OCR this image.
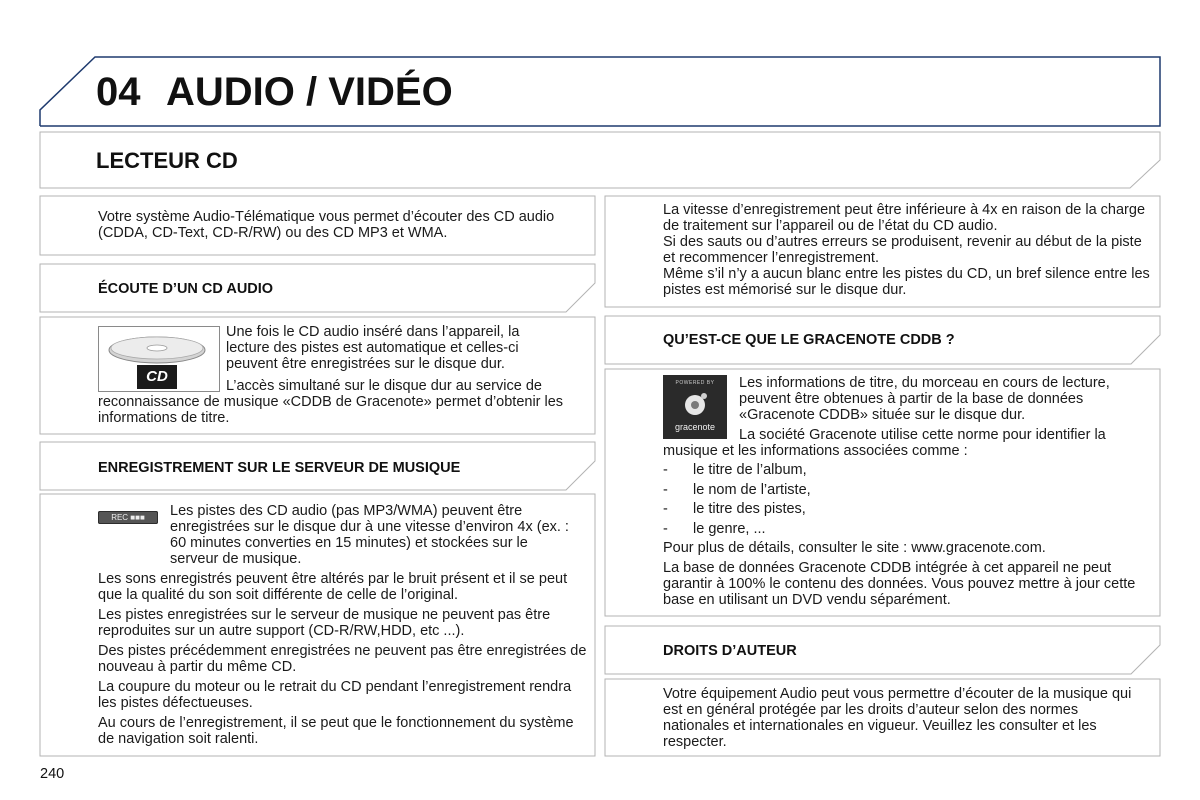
04 AUDIO / VIDÉO
LECTEUR CD
Votre système Audio-Télématique vous permet d’écouter des CD audio (CDDA, CD-Text, CD-R/RW) ou des CD MP3 et WMA.
ÉCOUTE D’UN CD AUDIO
CD
Une fois le CD audio inséré dans l’appareil, la lecture des pistes est automatique et celles-ci peuvent être enregistrées sur le disque dur.
L’accès simultané sur le disque dur au service de reconnaissance de musique «CDDB de Gracenote» permet d’obtenir les informations de titre.
ENREGISTREMENT SUR LE SERVEUR DE MUSIQUE
REC ■■■	Les pistes des CD audio (pas MP3/WMA) peuvent être enregistrées sur le disque dur à une vitesse d’environ 4x (ex. : 60 minutes converties en 15 minutes) et stockées sur le serveur de musique.

Les sons enregistrés peuvent être altérés par le bruit présent et il se peut que la qualité du son soit différente de celle de l’original.

Les pistes enregistrées sur le serveur de musique ne peuvent pas être reproduites sur un autre support (CD-R/RW,HDD, etc ...).

Des pistes précédemment enregistrées ne peuvent pas être enregistrées de nouveau à partir du même CD.

La coupure du moteur ou le retrait du CD pendant l’enregistrement rendra les pistes défectueuses.

Au cours de l’enregistrement, il se peut que le fonctionnement du système de navigation soit ralenti.

La vitesse d’enregistrement peut être inférieure à 4x en raison de la charge de traitement sur l’appareil ou de l’état du CD audio.
Si des sauts ou d’autres erreurs se produisent, revenir au début de la piste et recommencer l’enregistrement.
Même s’il n’y a aucun blanc entre les pistes du CD, un bref silence entre les pistes est mémorisé sur le disque dur.
QU’EST-CE QUE LE GRACENOTE CDDB ?
POWERED BY
gracenote
Les informations de titre, du morceau en cours de lecture, peuvent être obtenues à partir de la base de données «Gracenote CDDB» située sur le disque dur.
La société Gracenote utilise cette norme pour identifier la musique et les informations associées comme :
- le titre de l’album,
- le nom de l’artiste,
- le titre des pistes,
- le genre, ...

Pour plus de détails, consulter le site : www.gracenote.com.

La base de données Gracenote CDDB intégrée à cet appareil ne peut garantir à 100% le contenu des données. Vous pouvez mettre à jour cette base en utilisant un DVD vendu séparément.

DROITS D’AUTEUR
Votre équipement Audio peut vous permettre d’écouter de la musique qui est en général protégée par les droits d’auteur selon des normes nationales et internationales en vigueur. Veuillez les consulter et les respecter.
240
